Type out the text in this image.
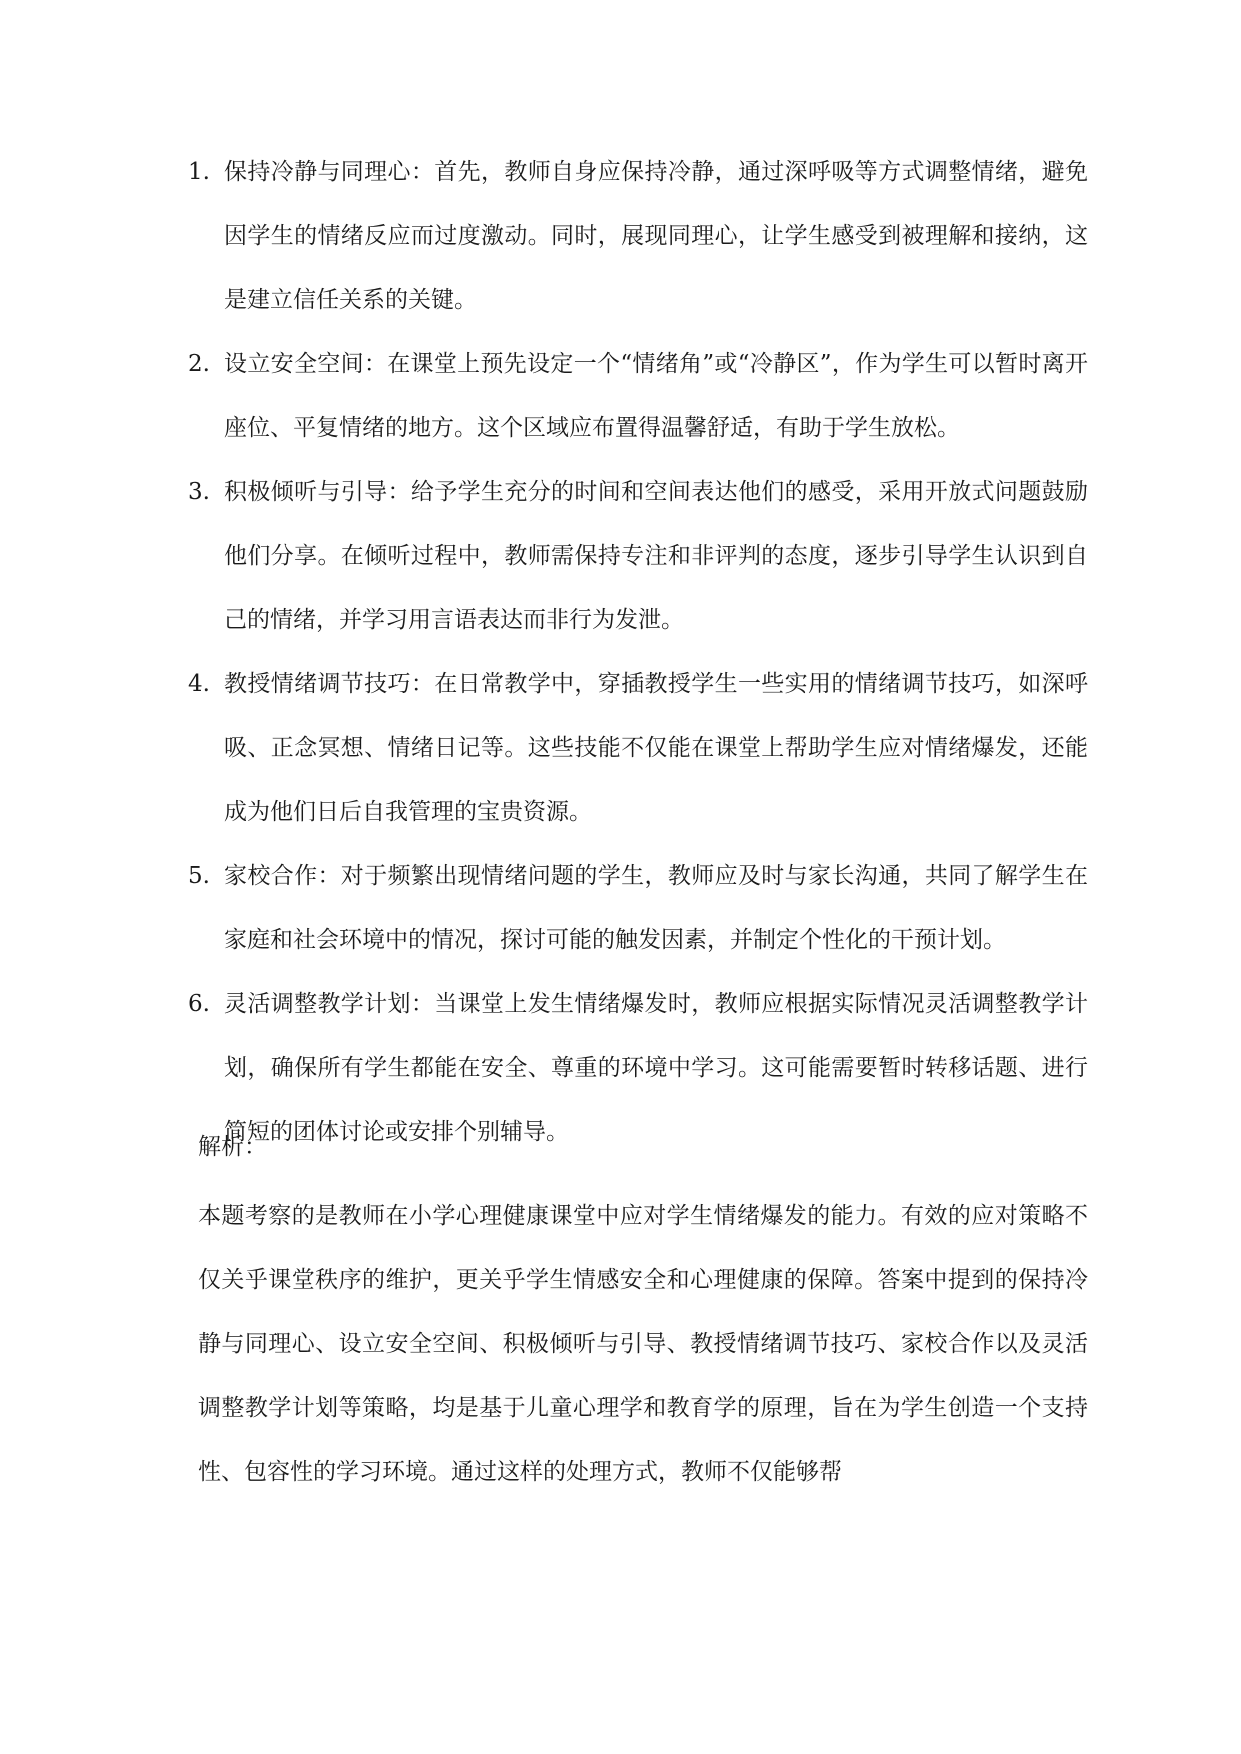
1. 保持冷静与同理心：首先，教师自身应保持冷静，通过深呼吸等方式调整情绪，避免因学生的情绪反应而过度激动。同时，展现同理心，让学生感受到被理解和接纳，这是建立信任关系的关键。
2. 设立安全空间：在课堂上预先设定一个“情绪角”或“冷静区”，作为学生可以暂时离开座位、平复情绪的地方。这个区域应布置得温馨舒适，有助于学生放松。
3. 积极倾听与引导：给予学生充分的时间和空间表达他们的感受，采用开放式问题鼓励他们分享。在倾听过程中，教师需保持专注和非评判的态度，逐步引导学生认识到自己的情绪，并学习用言语表达而非行为发泄。
4. 教授情绪调节技巧：在日常教学中，穿插教授学生一些实用的情绪调节技巧，如深呼吸、正念冥想、情绪日记等。这些技能不仅能在课堂上帮助学生应对情绪爆发，还能成为他们日后自我管理的宝贵资源。
5. 家校合作：对于频繁出现情绪问题的学生，教师应及时与家长沟通，共同了解学生在家庭和社会环境中的情况，探讨可能的触发因素，并制定个性化的干预计划。
6. 灵活调整教学计划：当课堂上发生情绪爆发时，教师应根据实际情况灵活调整教学计划，确保所有学生都能在安全、尊重的环境中学习。这可能需要暂时转移话题、进行简短的团体讨论或安排个别辅导。

解析：

本题考察的是教师在小学心理健康课堂中应对学生情绪爆发的能力。有效的应对策略不仅关乎课堂秩序的维护，更关乎学生情感安全和心理健康的保障。答案中提到的保持冷静与同理心、设立安全空间、积极倾听与引导、教授情绪调节技巧、家校合作以及灵活调整教学计划等策略，均是基于儿童心理学和教育学的原理，旨在为学生创造一个支持性、包容性的学习环境。通过这样的处理方式，教师不仅能够帮
